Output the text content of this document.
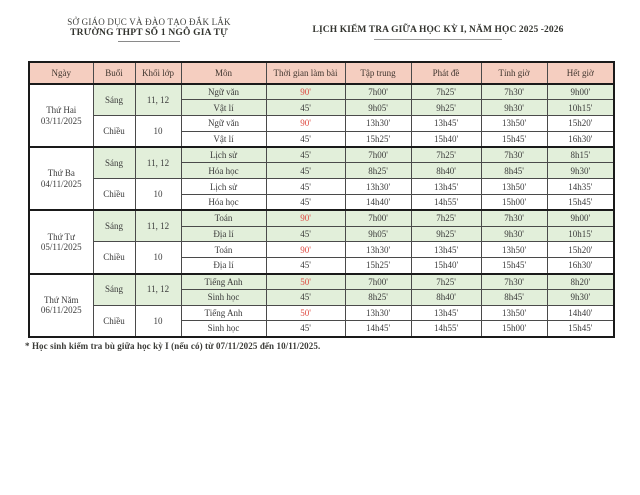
SỞ GIÁO DỤC VÀ ĐÀO TẠO ĐẮK LẮK
TRƯỜNG THPT SỐ 1 NGÔ GIA TỰ	LỊCH KIỂM TRA GIỮA HỌC KỲ I, NĂM HỌC 2025 -2026
Ngày	Buổi	Khối lớp	Môn	Thời gian làm bài	Tập trung	Phát đề	Tính giờ	Hết giờ

Thứ Hai
03/11/2025	Sáng	11, 12	Ngữ văn	90'	7h00'	7h25'	7h30'	9h00'
			Vật lí	45'	9h05'	9h25'	9h30'	10h15'
	Chiều	10	Ngữ văn	90'	13h30'	13h45'	13h50'	15h20'
			Vật lí	45'	15h25'	15h40'	15h45'	16h30'

Thứ Ba
04/11/2025	Sáng	11, 12	Lịch sử	45'	7h00'	7h25'	7h30'	8h15'
			Hóa học	45'	8h25'	8h40'	8h45'	9h30'
	Chiều	10	Lịch sử	45'	13h30'	13h45'	13h50'	14h35'
			Hóa học	45'	14h40'	14h55'	15h00'	15h45'

Thứ Tư
05/11/2025	Sáng	11, 12	Toán	90'	7h00'	7h25'	7h30'	9h00'
			Địa lí	45'	9h05'	9h25'	9h30'	10h15'
	Chiều	10	Toán	90'	13h30'	13h45'	13h50'	15h20'
			Địa lí	45'	15h25'	15h40'	15h45'	16h30'

Thứ Năm
06/11/2025	Sáng	11, 12	Tiếng Anh	50'	7h00'	7h25'	7h30'	8h20'
			Sinh học	45'	8h25'	8h40'	8h45'	9h30'
	Chiều	10	Tiếng Anh	50'	13h30'	13h45'	13h50'	14h40'
			Sinh học	45'	14h45'	14h55'	15h00'	15h45'
* Học sinh kiểm tra bù giữa học kỳ I (nếu có) từ 07/11/2025 đến 10/11/2025.
